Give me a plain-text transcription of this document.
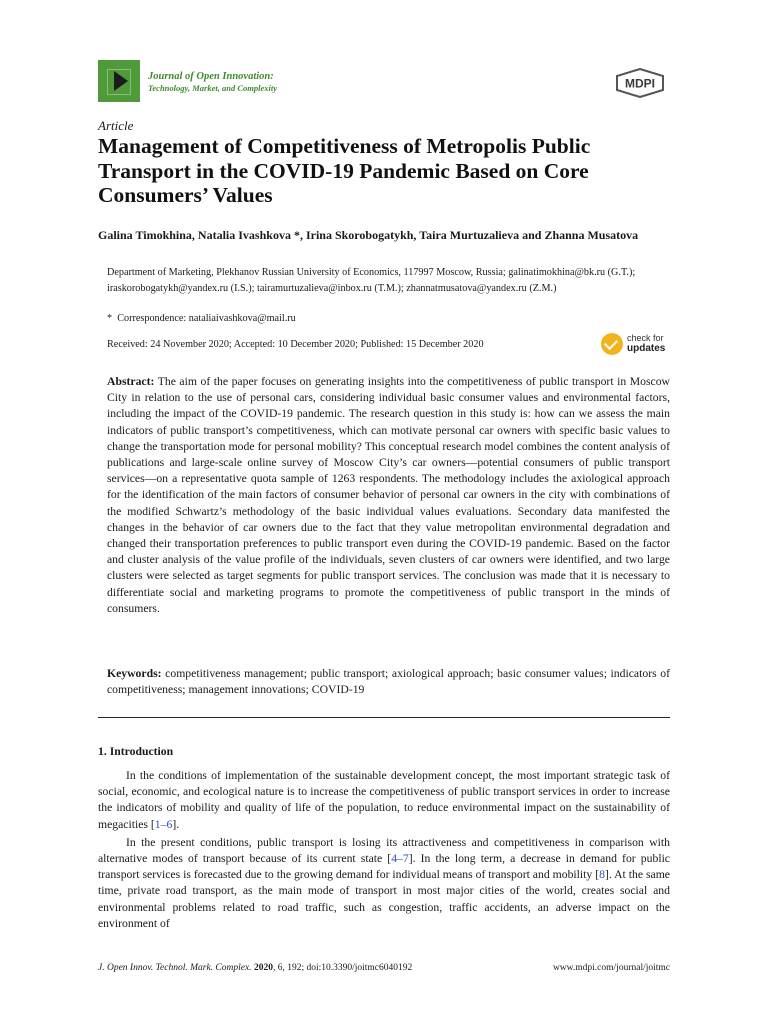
Journal of Open Innovation:
Technology, Market, and Complexity	MDPI
Article
Management of Competitiveness of Metropolis Public Transport in the COVID-19 Pandemic Based on Core Consumers’ Values
Galina Timokhina, Natalia Ivashkova *, Irina Skorobogatykh, Taira Murtuzalieva and Zhanna Musatova
Department of Marketing, Plekhanov Russian University of Economics, 117997 Moscow, Russia; galinatimokhina@bk.ru (G.T.); iraskorobogatykh@yandex.ru (I.S.); tairamurtuzalieva@inbox.ru (T.M.); zhannatmusatova@yandex.ru (Z.M.)
* Correspondence: nataliaivashkova@mail.ru
Received: 24 November 2020; Accepted: 10 December 2020; Published: 15 December 2020
check for
updates
Abstract: The aim of the paper focuses on generating insights into the competitiveness of public transport in Moscow City in relation to the use of personal cars, considering individual basic consumer values and environmental factors, including the impact of the COVID-19 pandemic. The research question in this study is: how can we assess the main indicators of public transport’s competitiveness, which can motivate personal car owners with specific basic values to change the transportation mode for personal mobility? This conceptual research model combines the content analysis of publications and large-scale online survey of Moscow City’s car owners—potential consumers of public transport services—on a representative quota sample of 1263 respondents. The methodology includes the axiological approach for the identification of the main factors of consumer behavior of personal car owners in the city with combinations of the modified Schwartz’s methodology of the basic individual values evaluations. Secondary data manifested the changes in the behavior of car owners due to the fact that they value metropolitan environmental degradation and changed their transportation preferences to public transport even during the COVID-19 pandemic. Based on the factor and cluster analysis of the value profile of the individuals, seven clusters of car owners were identified, and two large clusters were selected as target segments for public transport services. The conclusion was made that it is necessary to differentiate social and marketing programs to promote the competitiveness of public transport in the minds of consumers.
Keywords: competitiveness management; public transport; axiological approach; basic consumer values; indicators of competitiveness; management innovations; COVID-19
1. Introduction

In the conditions of implementation of the sustainable development concept, the most important strategic task of social, economic, and ecological nature is to increase the competitiveness of public transport services in order to increase the indicators of mobility and quality of life of the population, to reduce environmental impact on the sustainability of megacities [1–6].

In the present conditions, public transport is losing its attractiveness and competitiveness in comparison with alternative modes of transport because of its current state [4–7]. In the long term, a decrease in demand for public transport services is forecasted due to the growing demand for individual means of transport and mobility [8]. At the same time, private road transport, as the main mode of transport in most major cities of the world, creates social and environmental problems related to road traffic, such as congestion, traffic accidents, an adverse impact on the environment of

J. Open Innov. Technol. Mark. Complex. 2020, 6, 192; doi:10.3390/joitmc6040192	www.mdpi.com/journal/joitmc
